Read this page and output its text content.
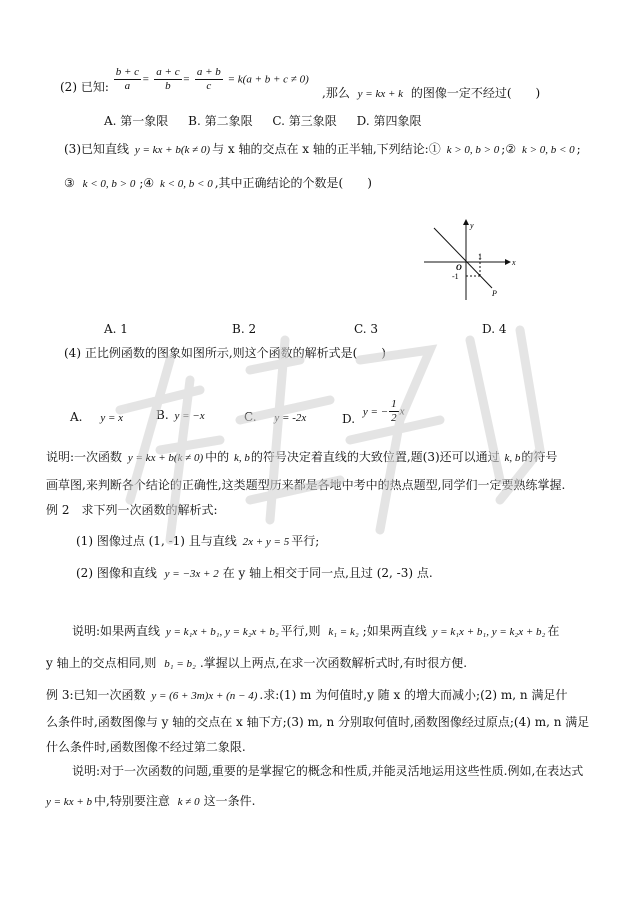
(2) 已知: $\frac{b + c}{a} = \frac{a + c}{b} = \frac{a + b}{c} = k(a + b + c \ne 0)$
,那么 y = kx + k 的图像一定不经过(　　)
A. 第一象限 B. 第二象限 C. 第三象限 D. 第四象限
(3)已知直线 y = kx + b(k ≠ 0) 与 x 轴的交点在 x 轴的正半轴,下列结论:① k > 0, b > 0 ;② k > 0, b < 0 ;
③ k < 0, b > 0 ;④ k < 0, b < 0 ,其中正确结论的个数是(　　)
y
x
O
1
-1
P
A. 1	B. 2	C. 3	D. 4
(4) 正比例函数的图象如图所示,则这个函数的解析式是(　　)
A. y = x	B. y = −x	C. y = -2x	D. y = − $\frac{1}{2}$ x
说明:一次函数 y = kx + b(k ≠ 0) 中的 k, b的符号决定着直线的大致位置,题(3)还可以通过 k, b的符号
画草图,来判断各个结论的正确性,这类题型历来都是各地中考中的热点题型,同学们一定要熟练掌握.
例 2　求下列一次函数的解析式:
(1) 图像过点 (1, -1) 且与直线 2x + y = 5 平行;
(2) 图像和直线 y = −3x + 2 在 y 轴上相交于同一点,且过 (2, -3) 点.
说明:如果两直线 y = k₁x + b₁, y = k₂x + b₂ 平行,则 k₁ = k₂ ;如果两直线 y = k₁x + b₁, y = k₂x + b₂ 在
y 轴上的交点相同,则 b₁ = b₂ .掌握以上两点,在求一次函数解析式时,有时很方便.
例 3:已知一次函数 y = (6 + 3m)x + (n − 4) .求:(1) m 为何值时,y 随 x 的增大而减小;(2) m, n 满足什
么条件时,函数图像与 y 轴的交点在 x 轴下方;(3) m, n 分别取何值时,函数图像经过原点;(4) m, n 满足
什么条件时,函数图像不经过第二象限.
说明:对于一次函数的问题,重要的是掌握它的概念和性质,并能灵活地运用这些性质.例如,在表达式
y = kx + b 中,特别要注意 k ≠ 0 这一条件.
